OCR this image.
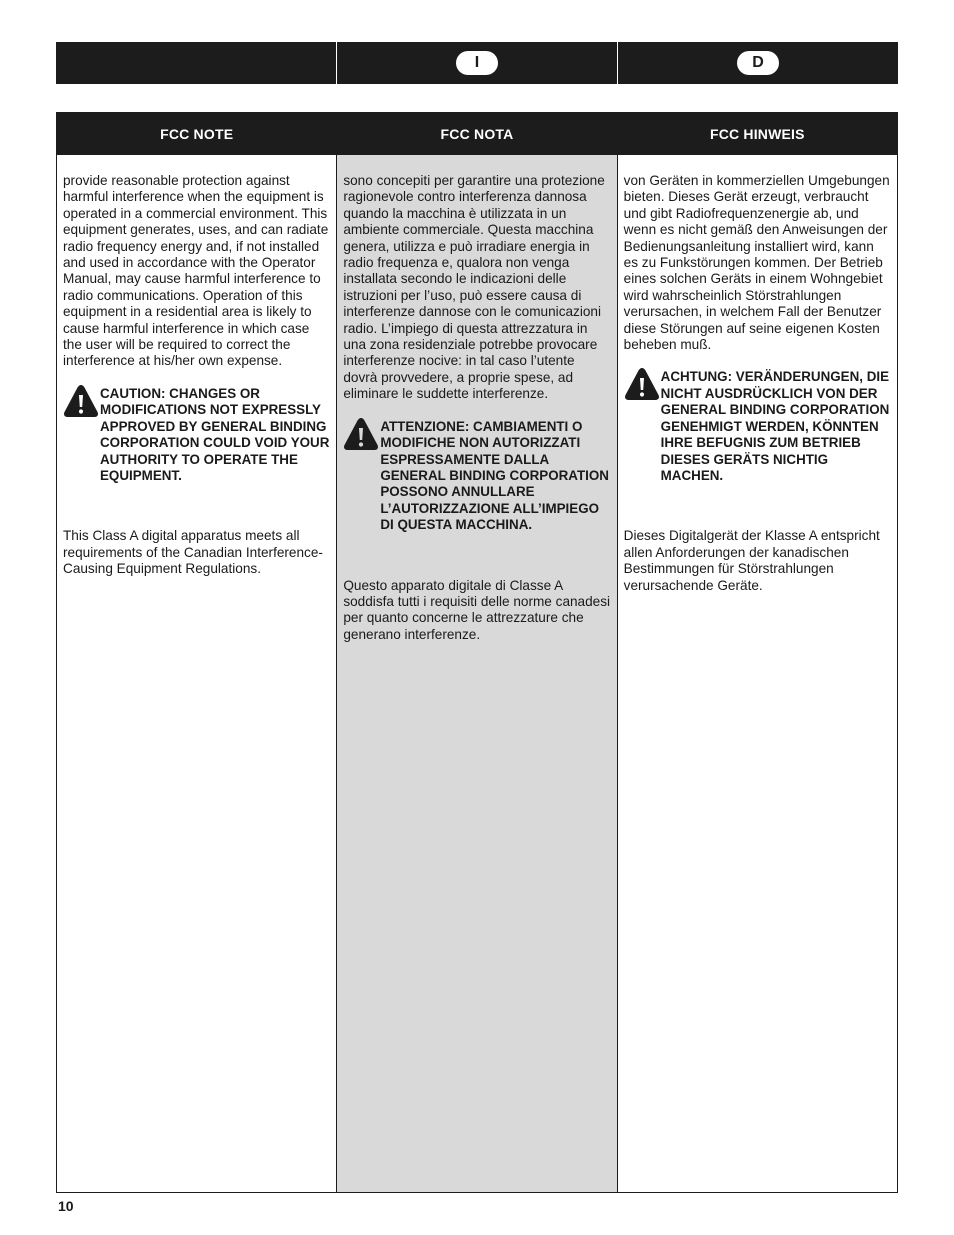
I	D
FCC NOTE

provide reasonable protection against harmful interference when the equipment is operated in a commercial environment. This equipment generates, uses, and can radiate radio frequency energy and, if not installed and used in accordance with the Operator Manual, may cause harmful interference to radio communications. Operation of this equipment in a residential area is likely to cause harmful interference in which case the user will be required to correct the interference at his/her own expense.

CAUTION: CHANGES OR MODIFICATIONS NOT EXPRESSLY APPROVED BY GENERAL BINDING CORPORATION COULD VOID YOUR AUTHORITY TO OPERATE THE EQUIPMENT.

This Class A digital apparatus meets all requirements of the Canadian Interference-Causing Equipment Regulations.

FCC NOTA

sono concepiti per garantire una protezione ragionevole contro interferenza dannosa quando la macchina è utilizzata in un ambiente commerciale. Questa macchina genera, utilizza e può irradiare energia in radio frequenza e, qualora non venga installata secondo le indicazioni delle istruzioni per l’uso, può essere causa di interferenze dannose con le comunicazioni radio. L’impiego di questa attrezzatura in una zona residenziale potrebbe provocare interferenze nocive: in tal caso l’utente dovrà provvedere, a proprie spese, ad eliminare le suddette interferenze.

ATTENZIONE: CAMBIAMENTI O MODIFICHE NON AUTORIZZATI ESPRESSAMENTE DALLA GENERAL BINDING CORPORATION POSSONO ANNULLARE L’AUTORIZZAZIONE ALL’IMPIEGO DI QUESTA MACCHINA.

Questo apparato digitale di Classe A soddisfa tutti i requisiti delle norme canadesi per quanto concerne le attrezzature che generano interferenze.

FCC HINWEIS

von Geräten in kommerziellen Umgebungen bieten. Dieses Gerät erzeugt, verbraucht und gibt Radiofrequenzenergie ab, und wenn es nicht gemäß den Anweisungen der Bedienungsanleitung installiert wird, kann es zu Funkstörungen kommen. Der Betrieb eines solchen Geräts in einem Wohngebiet wird wahrscheinlich Störstrahlungen verursachen, in welchem Fall der Benutzer diese Störungen auf seine eigenen Kosten beheben muß.

ACHTUNG: VERÄNDERUNGEN, DIE NICHT AUSDRÜCKLICH VON DER GENERAL BINDING CORPORATION GENEHMIGT WERDEN, KÖNNTEN IHRE BEFUGNIS ZUM BETRIEB DIESES GERÄTS NICHTIG MACHEN.

Dieses Digitalgerät der Klasse A entspricht allen Anforderungen der kanadischen Bestimmungen für Störstrahlungen verursachende Geräte.

10
